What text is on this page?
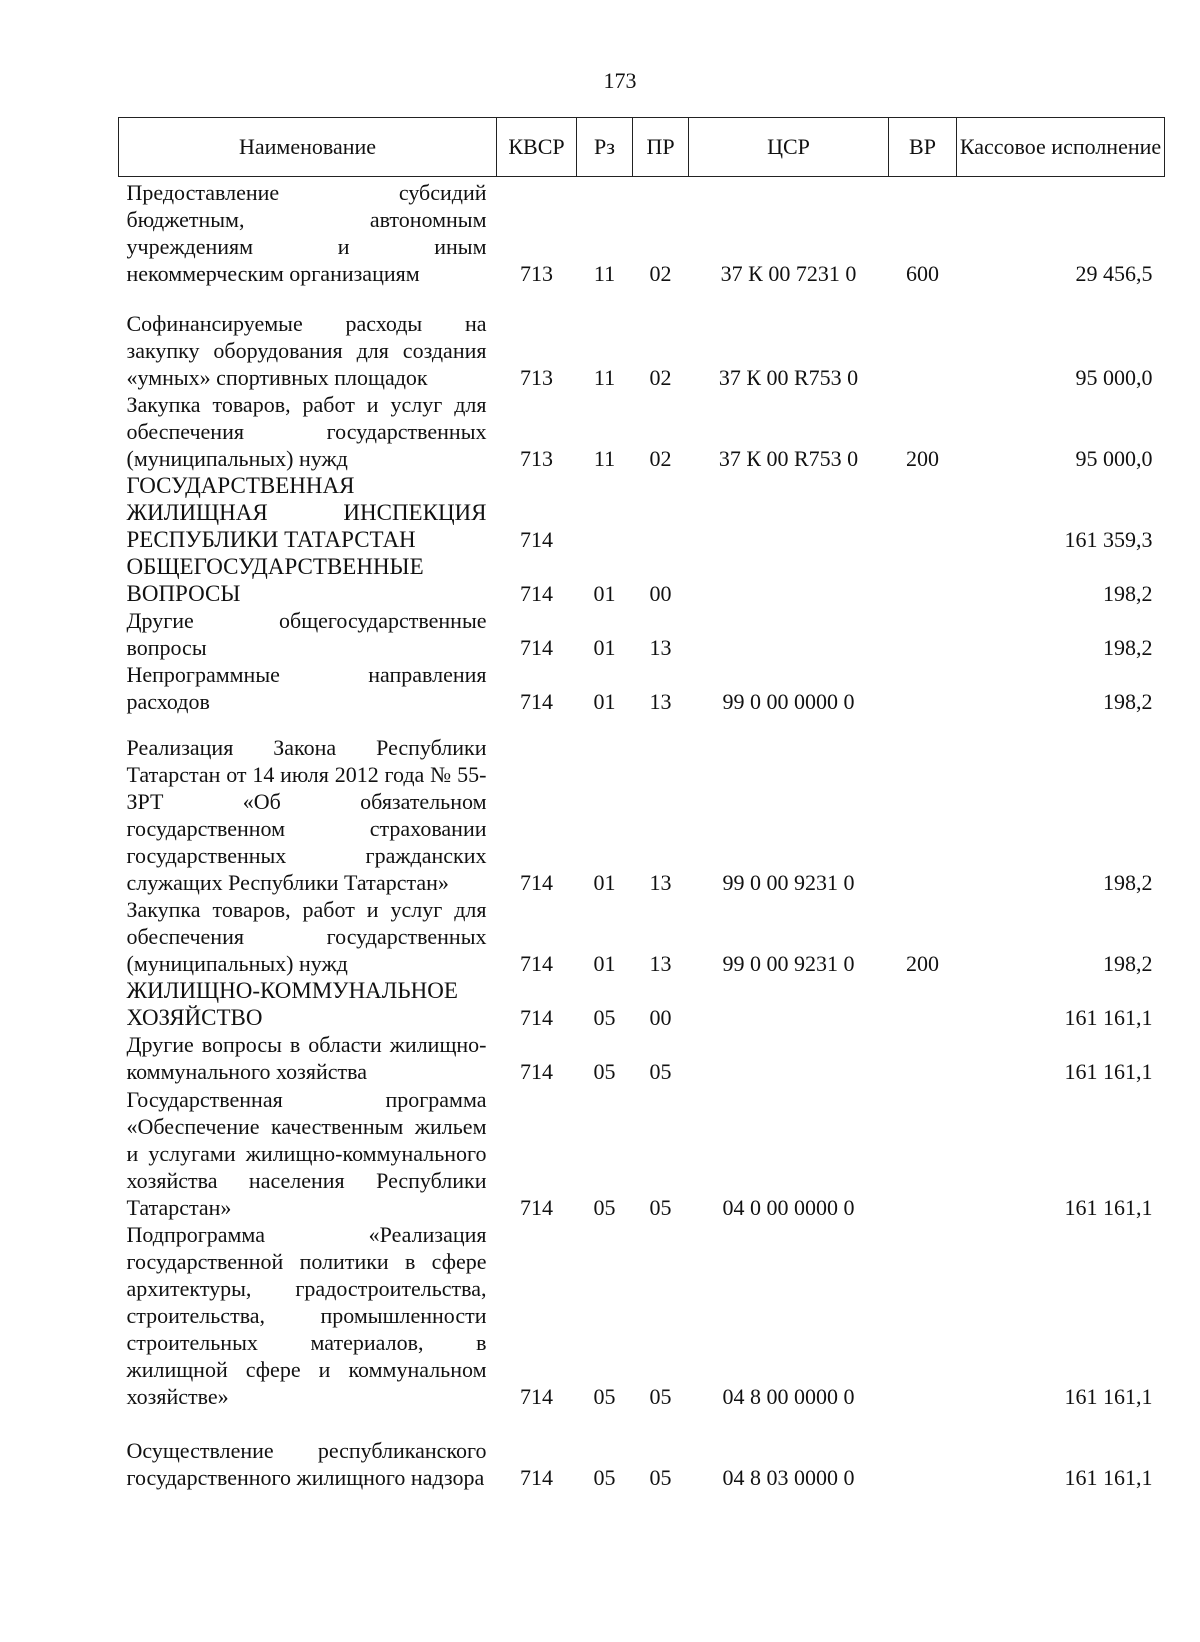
173
Наименование	КВСР	Рз	ПР	ЦСР	ВР	Кассовое исполнение
Предоставление субсидий бюджетным, автономным учреждениям и иным некоммерческим организациям	713	11	02	37 К 00 7231 0	600	29 456,5
Софинансируемые расходы на закупку оборудования для создания «умных» спортивных площадок	713	11	02	37 К 00 R753 0		95 000,0
Закупка товаров, работ и услуг для обеспечения государственных (муниципальных) нужд	713	11	02	37 К 00 R753 0	200	95 000,0
ГОСУДАРСТВЕННАЯ ЖИЛИЩНАЯ ИНСПЕКЦИЯ РЕСПУБЛИКИ ТАТАРСТАН	714					161 359,3
ОБЩЕГОСУДАРСТВЕННЫЕ ВОПРОСЫ	714	01	00			198,2
Другие общегосударственные вопросы	714	01	13			198,2
Непрограммные направления расходов	714	01	13	99 0 00 0000 0		198,2
Реализация Закона Республики Татарстан от 14 июля 2012 года № 55-ЗРТ «Об обязательном государственном страховании государственных гражданских служащих Республики Татарстан»	714	01	13	99 0 00 9231 0		198,2
Закупка товаров, работ и услуг для обеспечения государственных (муниципальных) нужд	714	01	13	99 0 00 9231 0	200	198,2
ЖИЛИЩНО-КОММУНАЛЬНОЕ ХОЗЯЙСТВО	714	05	00			161 161,1
Другие вопросы в области жилищно-коммунального хозяйства	714	05	05			161 161,1
Государственная программа «Обеспечение качественным жильем и услугами жилищно-коммунального хозяйства населения Республики Татарстан»	714	05	05	04 0 00 0000 0		161 161,1
Подпрограмма «Реализация государственной политики в сфере архитектуры, градостроительства, строительства, промышленности строительных материалов, в жилищной сфере и коммунальном хозяйстве»	714	05	05	04 8 00 0000 0		161 161,1
Осуществление республиканского государственного жилищного надзора	714	05	05	04 8 03 0000 0		161 161,1
